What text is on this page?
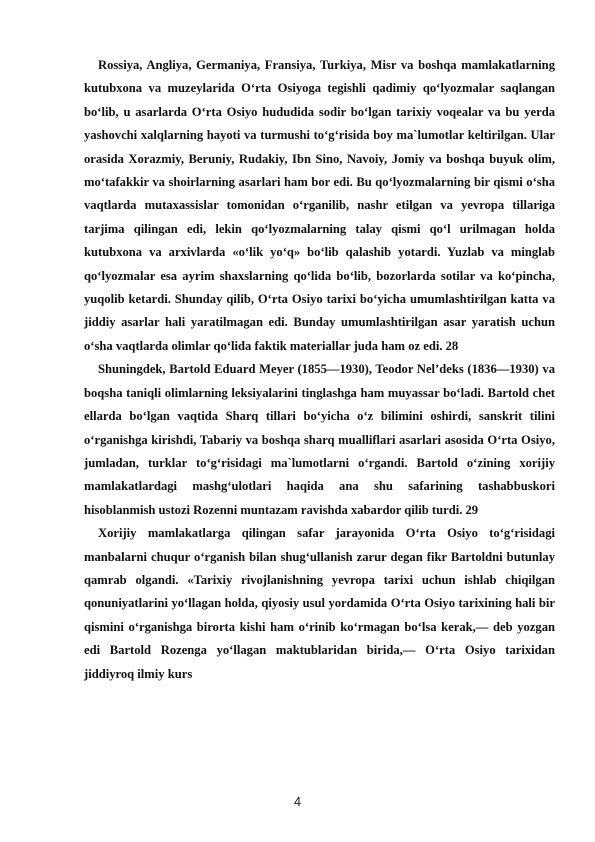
Rossiya, Angliya, Germaniya, Fransiya, Turkiya, Misr va boshqa mamlakatlarning kutubxona va muzeylarida O‘rta Osiyoga tegishli qadimiy qo‘lyozmalar saqlangan bo‘lib, u asarlarda O‘rta Osiyo hududida sodir bo‘lgan tarixiy voqealar va bu yerda yashovchi xalqlarning hayoti va turmushi to‘g‘risida boy ma`lumotlar keltirilgan. Ular orasida Xorazmiy, Beruniy, Rudakiy, Ibn Sino, Navoiy, Jomiy va boshqa buyuk olim, mo‘tafakkir va shoirlarning asarlari ham bor edi. Bu qo‘lyozmalarning bir qismi o‘sha vaqtlarda mutaxassislar tomonidan o‘rganilib, nashr etilgan va yevropa tillariga tarjima qilingan edi, lekin qo‘lyozmalarning talay qismi qo‘l urilmagan holda kutubxona va arxivlarda «o‘lik yo‘q» bo‘lib qalashib yotardi. Yuzlab va minglab qo‘lyozmalar esa ayrim shaxslarning qo‘lida bo‘lib, bozorlarda sotilar va ko‘pincha, yuqolib ketardi. Shunday qilib, O‘rta Osiyo tarixi bo‘yicha umumlashtirilgan katta va jiddiy asarlar hali yaratilmagan edi. Bunday umumlashtirilgan asar yaratish uchun o‘sha vaqtlarda olimlar qo‘lida faktik materiallar juda ham oz edi. 28

Shuningdek, Bartold Eduard Meyer (1855—1930), Teodor Nel’deks (1836—1930) va boqsha taniqli olimlarning leksiyalarini tinglashga ham muyassar bo‘ladi. Bartold chet ellarda bo‘lgan vaqtida Sharq tillari bo‘yicha o‘z bilimini oshirdi, sanskrit tilini o‘rganishga kirishdi, Tabariy va boshqa sharq mualliflari asarlari asosida O‘rta Osiyo, jumladan, turklar to‘g‘risidagi ma`lumotlarni o‘rgandi. Bartold o‘zining xorijiy mamlakatlardagi mashg‘ulotlari haqida ana shu safarining tashabbuskori hisoblanmish ustozi Rozenni muntazam ravishda xabardor qilib turdi. 29

Xorijiy mamlakatlarga qilingan safar jarayonida O‘rta Osiyo to‘g‘risidagi manbalarni chuqur o‘rganish bilan shug‘ullanish zarur degan fikr Bartoldni butunlay qamrab olgandi. «Tarixiy rivojlanishning yevropa tarixi uchun ishlab chiqilgan qonuniyatlarini yo‘llagan holda, qiyosiy usul yordamida O‘rta Osiyo tarixining hali bir qismini o‘rganishga birorta kishi ham o‘rinib ko‘rmagan bo‘lsa kerak,— deb yozgan edi Bartold Rozenga yo‘llagan maktublaridan birida,— O‘rta Osiyo tarixidan jiddiyroq ilmiy kurs

4
